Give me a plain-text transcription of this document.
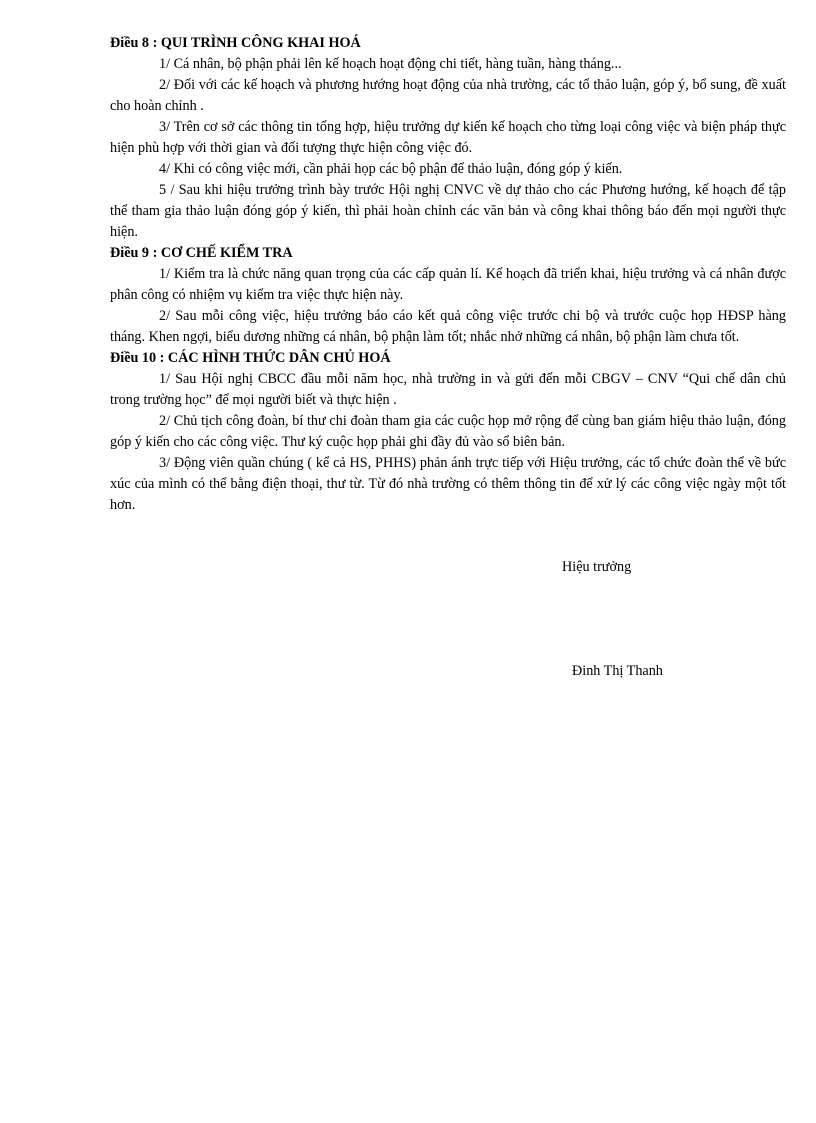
Điều 8 : QUI TRÌNH CÔNG KHAI HOÁ

1/ Cá nhân, bộ phận phải lên kế hoạch hoạt động chi tiết, hàng tuần, hàng tháng...

2/ Đối với các kế hoạch và phương hướng hoạt động của nhà trường, các tổ thảo luận, góp ý, bổ sung, đề xuất cho hoàn chỉnh .

3/ Trên cơ sở các thông tin tổng hợp, hiệu trưởng dự kiến kế hoạch cho từng loại công việc và biện pháp thực hiện phù hợp với thời gian và đối tượng thực hiện công việc đó.

4/ Khi có công việc mới, cần phải họp các bộ phận để thảo luận, đóng góp ý kiến.

5 / Sau khi hiệu trưởng trình bày trước Hội nghị CNVC về dự thảo cho các Phương hướng, kế hoạch để tập thể tham gia thảo luận đóng góp ý kiến, thì phải hoàn chỉnh các văn bản và công khai thông báo đến mọi người thực hiện.

Điều 9 : CƠ CHẾ KIỂM TRA

1/ Kiểm tra là chức năng quan trọng của các cấp quản lí. Kế hoạch đã triển khai, hiệu trưởng và cá nhân được phân công có nhiệm vụ kiểm tra việc thực hiện này.

2/ Sau mỗi công việc, hiệu trưởng báo cáo kết quả công việc trước chi bộ và trước cuộc họp HĐSP hàng tháng. Khen ngợi, biểu dương những cá nhân, bộ phận làm tốt; nhắc nhở những cá nhân, bộ phận làm chưa tốt.

Điều 10 : CÁC HÌNH THỨC DÂN CHỦ HOÁ

1/ Sau Hội nghị CBCC đầu mỗi năm học, nhà trường in và gửi đến mỗi CBGV – CNV “Qui chế dân chủ trong trường học” để mọi người biết và thực hiện .

2/ Chủ tịch công đoàn, bí thư chi đoàn tham gia các cuộc họp mở rộng để cùng ban giám hiệu thảo luận, đóng góp ý kiến cho các công việc. Thư ký cuộc họp phải ghi đầy đủ vào sổ biên bản.

3/ Động viên quần chúng ( kể cả HS, PHHS) phản ánh trực tiếp với Hiệu trưởng, các tổ chức đoàn thể về bức xúc của mình có thể bằng điện thoại, thư từ. Từ đó nhà trường có thêm thông tin để xử lý các công việc ngày một tốt hơn.

Hiệu trưởng
Đinh Thị Thanh
